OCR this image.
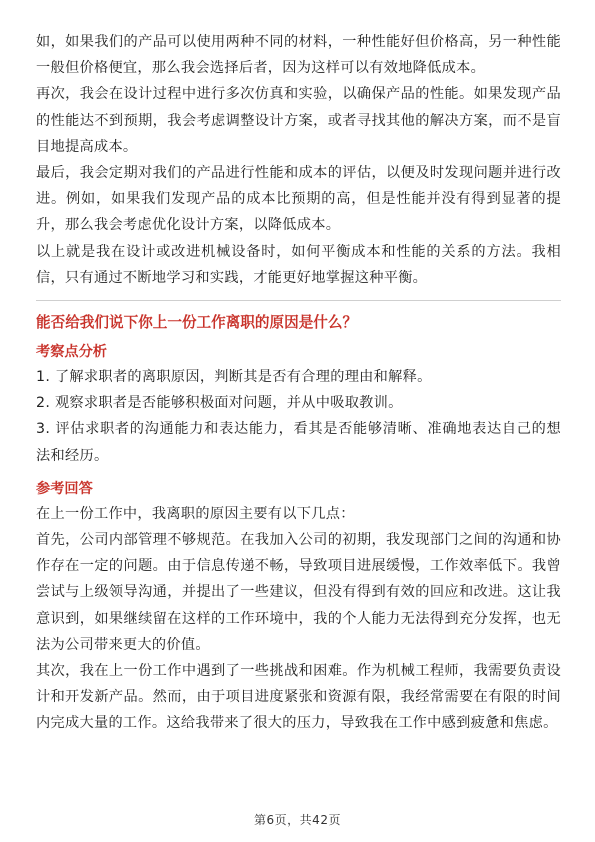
如，如果我们的产品可以使用两种不同的材料，一种性能好但价格高，另一种性能一般但价格便宜，那么我会选择后者，因为这样可以有效地降低成本。

再次，我会在设计过程中进行多次仿真和实验，以确保产品的性能。如果发现产品的性能达不到预期，我会考虑调整设计方案，或者寻找其他的解决方案，而不是盲目地提高成本。

最后，我会定期对我们的产品进行性能和成本的评估，以便及时发现问题并进行改进。例如，如果我们发现产品的成本比预期的高，但是性能并没有得到显著的提升，那么我会考虑优化设计方案，以降低成本。

以上就是我在设计或改进机械设备时，如何平衡成本和性能的关系的方法。我相信，只有通过不断地学习和实践，才能更好地掌握这种平衡。

能否给我们说下你上一份工作离职的原因是什么？

考察点分析

1. 了解求职者的离职原因，判断其是否有合理的理由和解释。

2. 观察求职者是否能够积极面对问题，并从中吸取教训。

3. 评估求职者的沟通能力和表达能力，看其是否能够清晰、准确地表达自己的想法和经历。

参考回答

在上一份工作中，我离职的原因主要有以下几点：

首先，公司内部管理不够规范。在我加入公司的初期，我发现部门之间的沟通和协作存在一定的问题。由于信息传递不畅，导致项目进展缓慢，工作效率低下。我曾尝试与上级领导沟通，并提出了一些建议，但没有得到有效的回应和改进。这让我意识到，如果继续留在这样的工作环境中，我的个人能力无法得到充分发挥，也无法为公司带来更大的价值。

其次，我在上一份工作中遇到了一些挑战和困难。作为机械工程师，我需要负责设计和开发新产品。然而，由于项目进度紧张和资源有限，我经常需要在有限的时间内完成大量的工作。这给我带来了很大的压力，导致我在工作中感到疲惫和焦虑。

第6页，共42页
